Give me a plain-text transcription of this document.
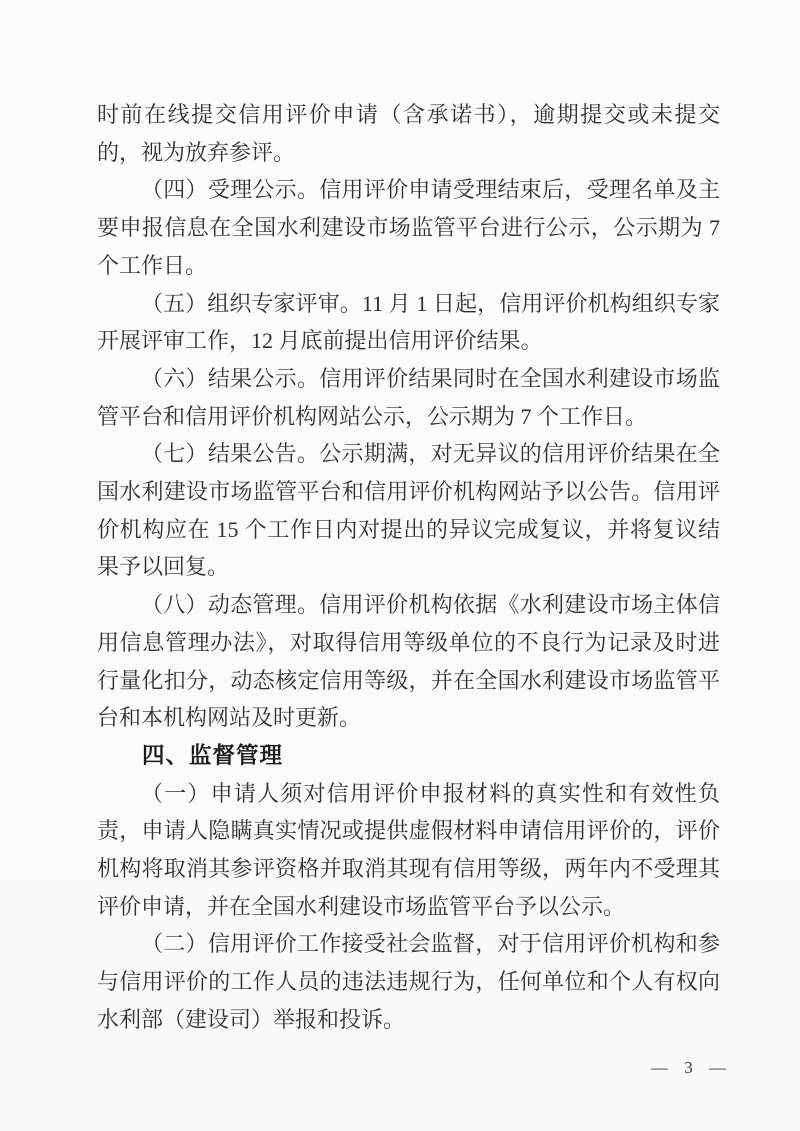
时前在线提交信用评价申请（含承诺书），逾期提交或未提交的，视为放弃参评。

（四）受理公示。信用评价申请受理结束后，受理名单及主要申报信息在全国水利建设市场监管平台进行公示，公示期为 7 个工作日。

（五）组织专家评审。11 月 1 日起，信用评价机构组织专家开展评审工作，12 月底前提出信用评价结果。

（六）结果公示。信用评价结果同时在全国水利建设市场监管平台和信用评价机构网站公示，公示期为 7 个工作日。

（七）结果公告。公示期满，对无异议的信用评价结果在全国水利建设市场监管平台和信用评价机构网站予以公告。信用评价机构应在 15 个工作日内对提出的异议完成复议，并将复议结果予以回复。

（八）动态管理。信用评价机构依据《水利建设市场主体信用信息管理办法》，对取得信用等级单位的不良行为记录及时进行量化扣分，动态核定信用等级，并在全国水利建设市场监管平台和本机构网站及时更新。

四、监督管理

（一）申请人须对信用评价申报材料的真实性和有效性负责，申请人隐瞒真实情况或提供虚假材料申请信用评价的，评价机构将取消其参评资格并取消其现有信用等级，两年内不受理其评价申请，并在全国水利建设市场监管平台予以公示。

（二）信用评价工作接受社会监督，对于信用评价机构和参与信用评价的工作人员的违法违规行为，任何单位和个人有权向水利部（建设司）举报和投诉。

— 3 —
